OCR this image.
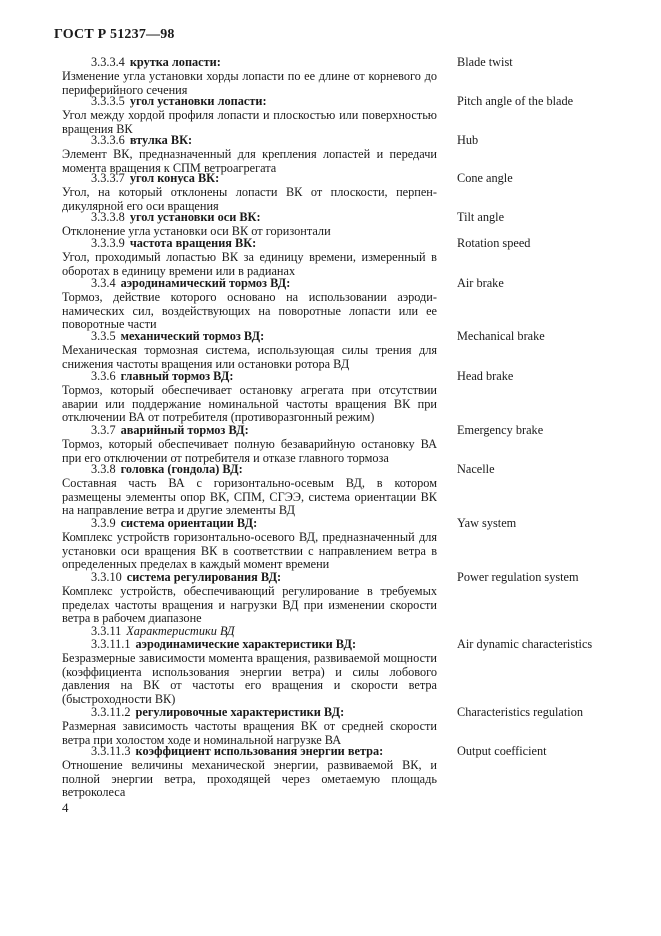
ГОСТ Р 51237—98
3.3.3.4 крутка лопасти:
Изменение угла установки хорды лопасти по ее длине от корневого до периферийного сечения
Blade twist
3.3.3.5 угол установки лопасти:
Угол между хордой профиля лопасти и плоскостью или поверхностью вращения ВК
Pitch angle of the blade
3.3.3.6 втулка ВК:
Элемент ВК, предназначенный для крепления лопастей и передачи момента вращения к СПМ ветроагрегата
Hub
3.3.3.7 угол конуса ВК:
Угол, на который отклонены лопасти ВК от плоскости, перпендикулярной его оси вращения
Cone angle
3.3.3.8 угол установки оси ВК:
Отклонение угла установки оси ВК от горизонтали
Tilt angle
3.3.3.9 частота вращения ВК:
Угол, проходимый лопастью ВК за единицу времени, измеренный в оборотах в единицу времени или в радианах
Rotation speed
3.3.4 аэродинамический тормоз ВД:
Тормоз, действие которого основано на использовании аэродинамических сил, воздействующих на поворотные лопасти или ее поворотные части
Air brake
3.3.5 механический тормоз ВД:
Механическая тормозная система, использующая силы трения для снижения частоты вращения или остановки ротора ВД
Mechanical brake
3.3.6 главный тормоз ВД:
Тормоз, который обеспечивает остановку агрегата при отсутствии аварии или поддержание номинальной частоты вращения ВК при отключении ВА от потребителя (противоразгонный режим)
Head brake
3.3.7 аварийный тормоз ВД:
Тормоз, который обеспечивает полную безаварийную остановку ВА при его отключении от потребителя и отказе главного тормоза
Emergency brake
3.3.8 головка (гондола) ВД:
Составная часть ВА с горизонтально-осевым ВД, в котором размещены элементы опор ВК, СПМ, СГЭЭ, система ориентации ВК на направление ветра и другие элементы ВД
Nacelle
3.3.9 система ориентации ВД:
Комплекс устройств горизонтально-осевого ВД, предназначенный для установки оси вращения ВК в соответствии с направлением ветра в определенных пределах в каждый момент времени
Yaw system
3.3.10 система регулирования ВД:
Комплекс устройств, обеспечивающий регулирование в требуемых пределах частоты вращения и нагрузки ВД при изменении скорости ветра в рабочем диапазоне
Power regulation system
3.3.11 Характеристики ВД
3.3.11.1 аэродинамические характеристики ВД:
Безразмерные зависимости момента вращения, развиваемой мощности (коэффициента использования энергии ветра) и силы лобового давления на ВК от частоты его вращения и скорости ветра (быстроходности ВК)
Air dynamic characteristics
3.3.11.2 регулировочные характеристики ВД:
Размерная зависимость частоты вращения ВК от средней скорости ветра при холостом ходе и номинальной нагрузке ВА
Characteristics regulation
3.3.11.3 коэффициент использования энергии ветра:
Отношение величины механической энергии, развиваемой ВК, и полной энергии ветра, проходящей через ометаемую площадь ветроколеса
Output coefficient
4
